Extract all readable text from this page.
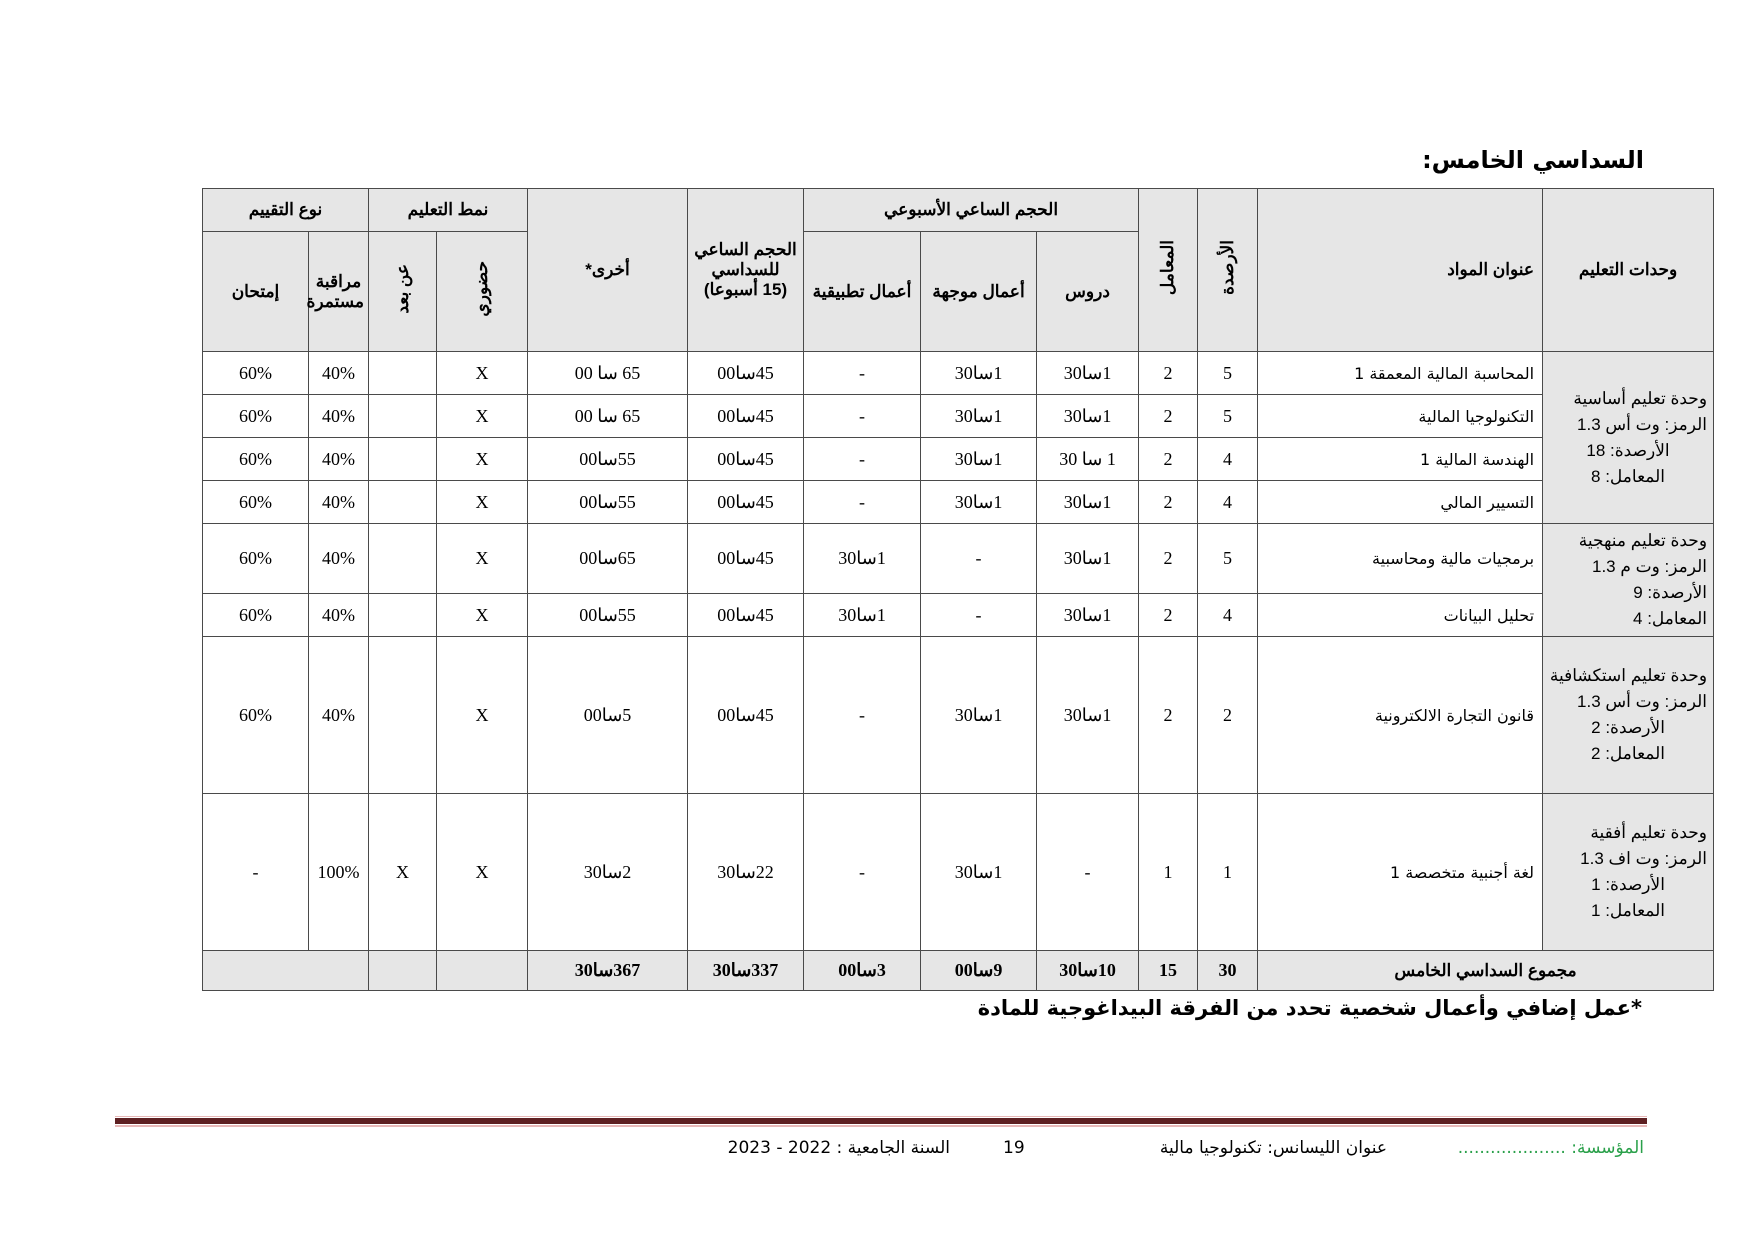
السداسي الخامس:
وحدات التعليم	عنوان المواد	الأرصدة	المعامل	الحجم الساعي الأسبوعي			الحجم الساعي
للسداسي
(15 أسبوعا)	أخرى*	نمط التعليم		نوع التقييم	
				دروس	أعمال موجهة	أعمال تطبيقية			حضوري	عن بعد	مراقبة
مستمرة	إمتحان

وحدة تعليم أساسية
الرمز: وت أس 1.3
الأرصدة: 18
المعامل: 8	المحاسبة المالية المعمقة 1	5	2	1سا30	1سا30	-	45سا00	65 سا 00	X		40%	60%
	التكنولوجيا المالية	5	2	1سا30	1سا30	-	45سا00	65 سا 00	X		40%	60%
	الهندسة المالية 1	4	2	1 سا 30	1سا30	-	45سا00	55سا00	X		40%	60%
	التسيير المالي	4	2	1سا30	1سا30	-	45سا00	55سا00	X		40%	60%

وحدة تعليم منهجية
الرمز: وت م 1.3
الأرصدة: 9
المعامل: 4	برمجيات مالية ومحاسبية	5	2	1سا30	-	1سا30	45سا00	65سا00	X		40%	60%
	تحليل البيانات	4	2	1سا30	-	1سا30	45سا00	55سا00	X		40%	60%

وحدة تعليم استكشافية
الرمز: وت أس 1.3
الأرصدة: 2
المعامل: 2	قانون التجارة الالكترونية	2	2	1سا30	1سا30	-	45سا00	5سا00	X		40%	60%

وحدة تعليم أفقية
الرمز: وت اف 1.3
الأرصدة: 1
المعامل: 1	لغة أجنبية متخصصة 1	1	1	-	1سا30	-	22سا30	2سا30	X	X	100%	-
مجموع السداسي الخامس		30	15	10سا30	9سا00	3سا00	337سا30	367سا30				
*عمل إضافي وأعمال شخصية تحدد من الفرقة البيداغوجية للمادة
المؤسسة: ....................
عنوان الليسانس: تكنولوجيا مالية
19
السنة الجامعية : 2022 - 2023
